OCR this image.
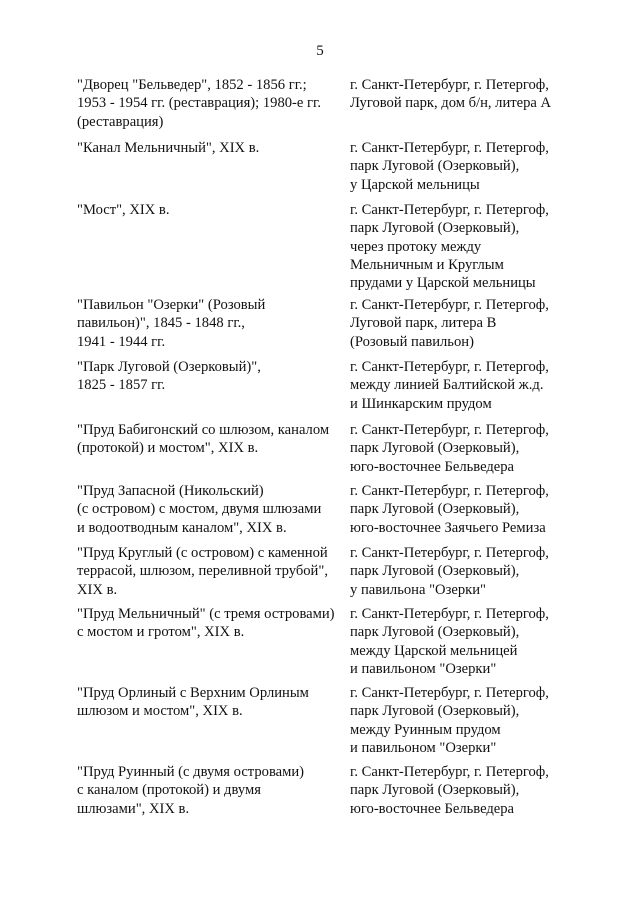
5
"Дворец "Бельведер", 1852 - 1856 гг.;
1953 - 1954 гг. (реставрация); 1980-е гг.
(реставрация)
г. Санкт-Петербург, г. Петергоф,
Луговой парк, дом б/н, литера А
"Канал Мельничный", XIX в.	г. Санкт-Петербург, г. Петергоф,
парк Луговой (Озерковый),
у Царской мельницы
"Мост", XIX в.	г. Санкт-Петербург, г. Петергоф,
парк Луговой (Озерковый),
через протоку между
Мельничным и Круглым
прудами у Царской мельницы
"Павильон "Озерки" (Розовый
павильон)", 1845 - 1848 гг.,
1941 - 1944 гг.
г. Санкт-Петербург, г. Петергоф,
Луговой парк, литера В
(Розовый павильон)
"Парк Луговой (Озерковый)",
1825 - 1857 гг.
г. Санкт-Петербург, г. Петергоф,
между линией Балтийской ж.д.
и Шинкарским прудом
"Пруд Бабигонский со шлюзом, каналом
(протокой) и мостом", XIX в.
г. Санкт-Петербург, г. Петергоф,
парк Луговой (Озерковый),
юго-восточнее Бельведера
"Пруд Запасной (Никольский)
(с островом) с мостом, двумя шлюзами
и водоотводным каналом", XIX в.
г. Санкт-Петербург, г. Петергоф,
парк Луговой (Озерковый),
юго-восточнее Заячьего Ремиза
"Пруд Круглый (с островом) с каменной
террасой, шлюзом, переливной трубой",
XIX в.
г. Санкт-Петербург, г. Петергоф,
парк Луговой (Озерковый),
у павильона "Озерки"
"Пруд Мельничный" (с тремя островами)
с мостом и гротом", XIX в.
г. Санкт-Петербург, г. Петергоф,
парк Луговой (Озерковый),
между Царской мельницей
и павильоном "Озерки"
"Пруд Орлиный с Верхним Орлиным
шлюзом и мостом", XIX в.
г. Санкт-Петербург, г. Петергоф,
парк Луговой (Озерковый),
между Руинным прудом
и павильоном "Озерки"
"Пруд Руинный (с двумя островами)
с каналом (протокой) и двумя
шлюзами", XIX в.
г. Санкт-Петербург, г. Петергоф,
парк Луговой (Озерковый),
юго-восточнее Бельведера
